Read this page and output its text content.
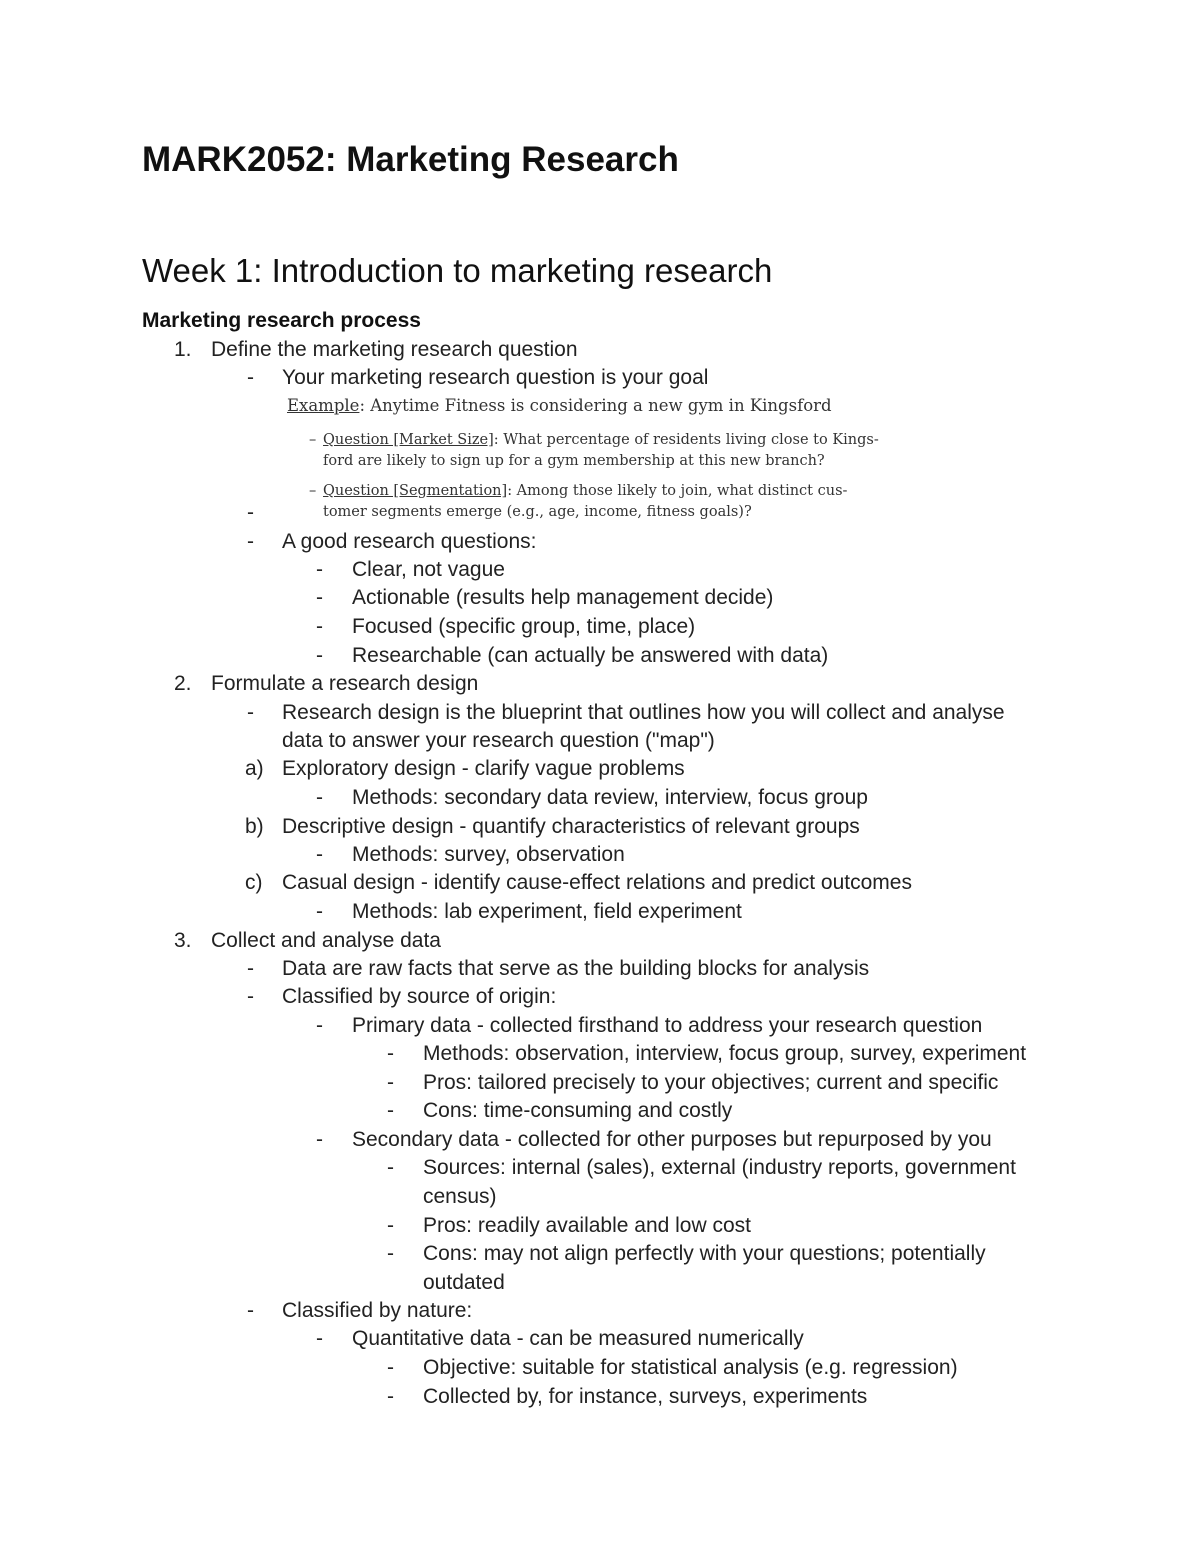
MARK2052: Marketing Research
Week 1: Introduction to marketing research
Marketing research process
1. Define the marketing research question
- Your marketing research question is your goal
-
- A good research questions:
- Clear, not vague
- Actionable (results help management decide)
- Focused (specific group, time, place)
- Researchable (can actually be answered with data)
2. Formulate a research design
- Research design is the blueprint that outlines how you will collect and analyse
data to answer your research question ("map")
a) Exploratory design - clarify vague problems
- Methods: secondary data review, interview, focus group
b) Descriptive design - quantify characteristics of relevant groups
- Methods: survey, observation
c) Casual design - identify cause-effect relations and predict outcomes
- Methods: lab experiment, field experiment
3. Collect and analyse data
- Data are raw facts that serve as the building blocks for analysis
- Classified by source of origin:
- Primary data - collected firsthand to address your research question
- Methods: observation, interview, focus group, survey, experiment
- Pros: tailored precisely to your objectives; current and specific
- Cons: time-consuming and costly
- Secondary data - collected for other purposes but repurposed by you
- Sources: internal (sales), external (industry reports, government
census)
- Pros: readily available and low cost
- Cons: may not align perfectly with your questions; potentially
outdated
- Classified by nature:
- Quantitative data - can be measured numerically
- Objective: suitable for statistical analysis (e.g. regression)
- Collected by, for instance, surveys, experiments
Example: Anytime Fitness is considering a new gym in Kingsford
– Question [Market Size]: What percentage of residents living close to Kings-
ford are likely to sign up for a gym membership at this new branch?
– Question [Segmentation]: Among those likely to join, what distinct cus-
tomer segments emerge (e.g., age, income, fitness goals)?
